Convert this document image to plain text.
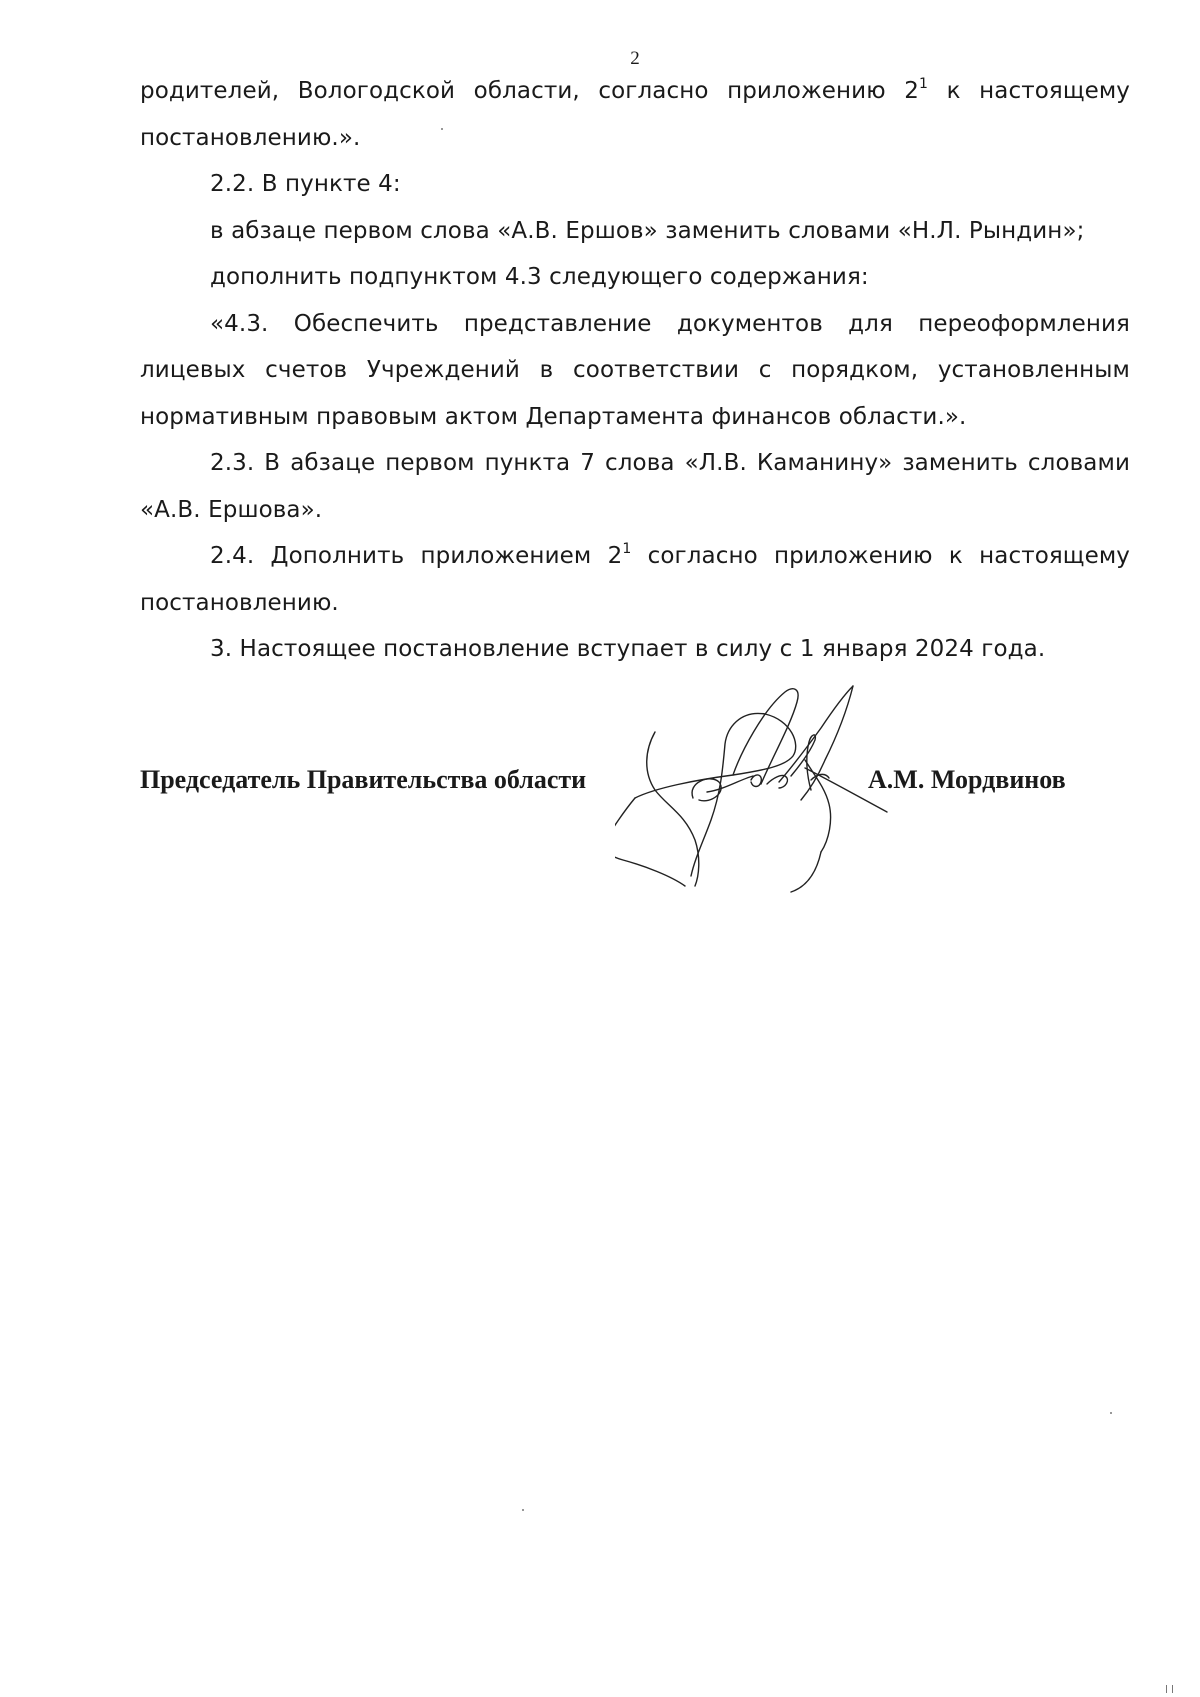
2

родителей, Вологодской области, согласно приложению $2^1$ к настоящему постановлению.».

2.2. В пункте 4:

в абзаце первом слова «А.В. Ершов» заменить словами «Н.Л. Рындин»;

дополнить подпунктом 4.3 следующего содержания:

«4.3. Обеспечить представление документов для переоформления лицевых счетов Учреждений в соответствии с порядком, установленным нормативным правовым актом Департамента финансов области.».

2.3. В абзаце первом пункта 7 слова «Л.В. Каманину» заменить словами «А.В. Ершова».

2.4. Дополнить приложением $2^1$ согласно приложению к настоящему постановлению.

3. Настоящее постановление вступает в силу с 1 января 2024 года.

Председатель Правительства области	А.М. Мордвинов
